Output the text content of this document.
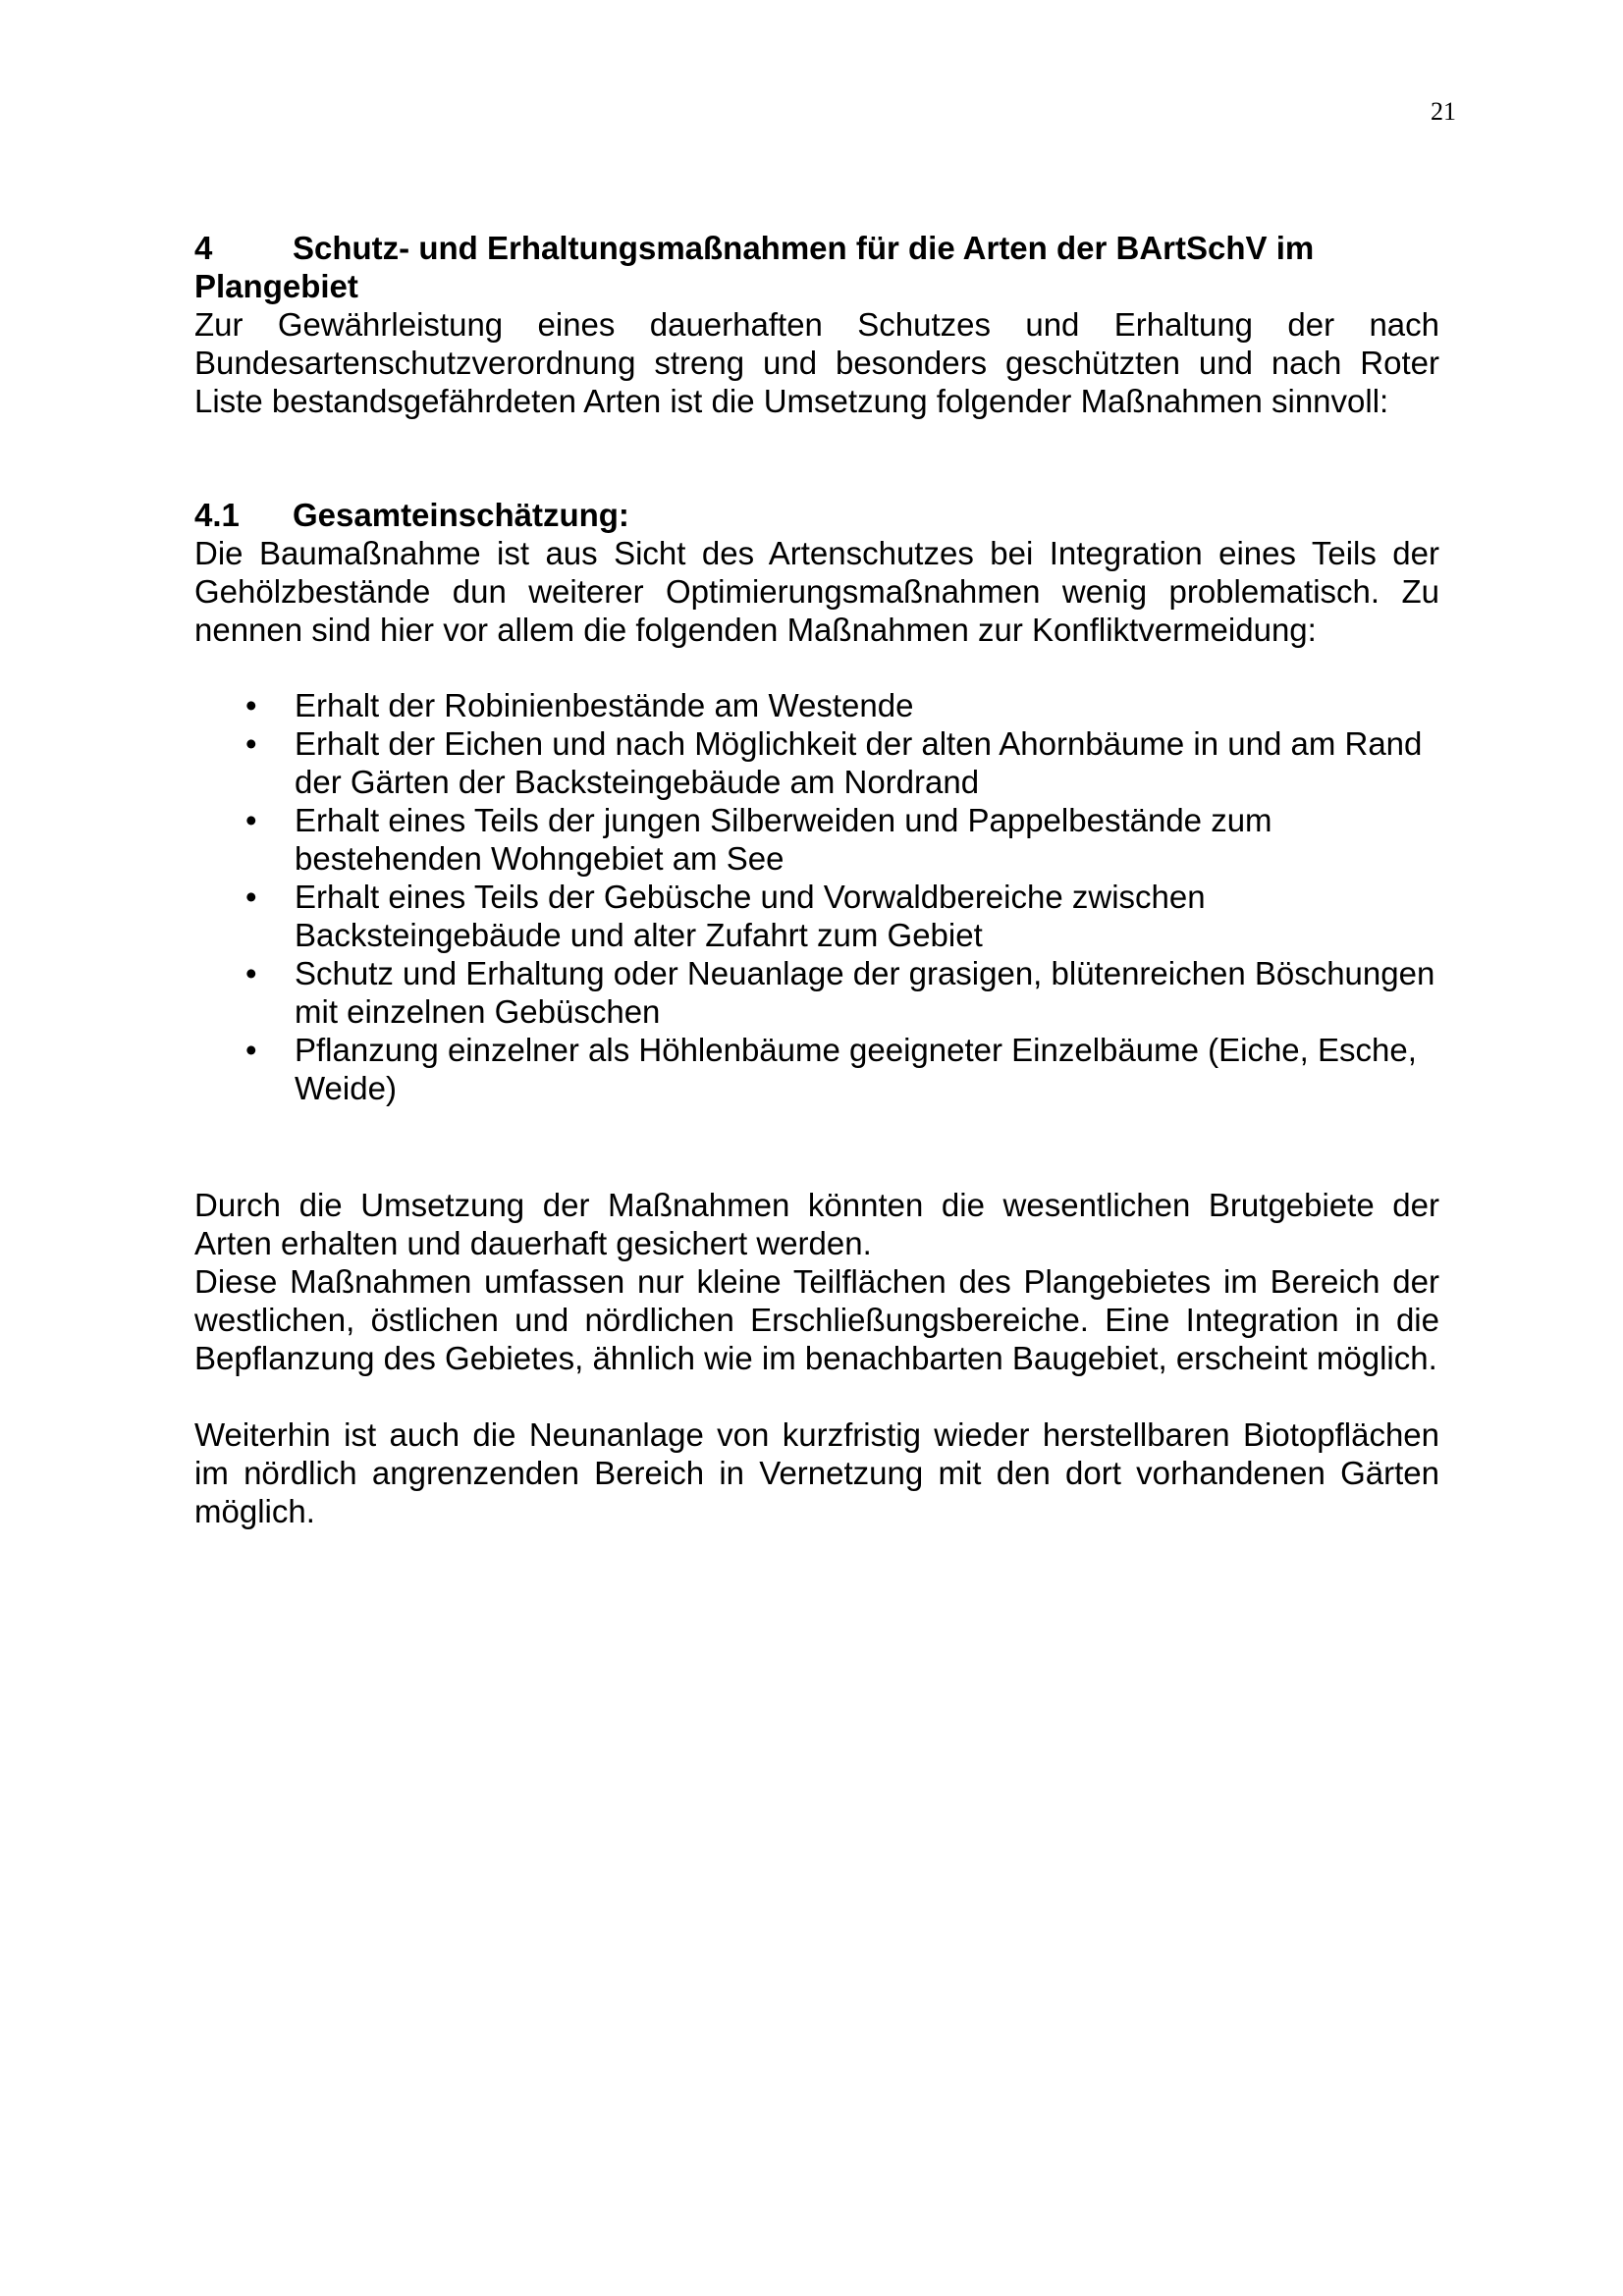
21
4 Schutz- und Erhaltungsmaßnahmen für die Arten der BArtSchV im
Plangebiet

Zur Gewährleistung eines dauerhaften Schutzes und Erhaltung der nach Bundesartenschutzverordnung streng und besonders geschützten und nach Roter Liste bestandsgefährdeten Arten ist die Umsetzung folgender Maßnahmen sinnvoll:

4.1 Gesamteinschätzung:

Die Baumaßnahme ist aus Sicht des Artenschutzes bei Integration eines Teils der Gehölzbestände dun weiterer Optimierungsmaßnahmen wenig problematisch. Zu nennen sind hier vor allem die folgenden Maßnahmen zur Konfliktvermeidung:

• Erhalt der Robinienbestände am Westende
• Erhalt der Eichen und nach Möglichkeit der alten Ahornbäume in und am Rand der Gärten der Backsteingebäude am Nordrand
• Erhalt eines Teils der jungen Silberweiden und Pappelbestände zum bestehenden Wohngebiet am See
• Erhalt eines Teils der Gebüsche und Vorwaldbereiche zwischen Backsteingebäude und alter Zufahrt zum Gebiet
• Schutz und Erhaltung oder Neuanlage der grasigen, blütenreichen Böschungen mit einzelnen Gebüschen
• Pflanzung einzelner als Höhlenbäume geeigneter Einzelbäume (Eiche, Esche, Weide)

Durch die Umsetzung der Maßnahmen könnten die wesentlichen Brutgebiete der Arten erhalten und dauerhaft gesichert werden.

Diese Maßnahmen umfassen nur kleine Teilflächen des Plangebietes im Bereich der westlichen, östlichen und nördlichen Erschließungsbereiche. Eine Integration in die Bepflanzung des Gebietes, ähnlich wie im benachbarten Baugebiet, erscheint möglich.

Weiterhin ist auch die Neunanlage von kurzfristig wieder herstellbaren Biotopflächen im nördlich angrenzenden Bereich in Vernetzung mit den dort vorhandenen Gärten möglich.
